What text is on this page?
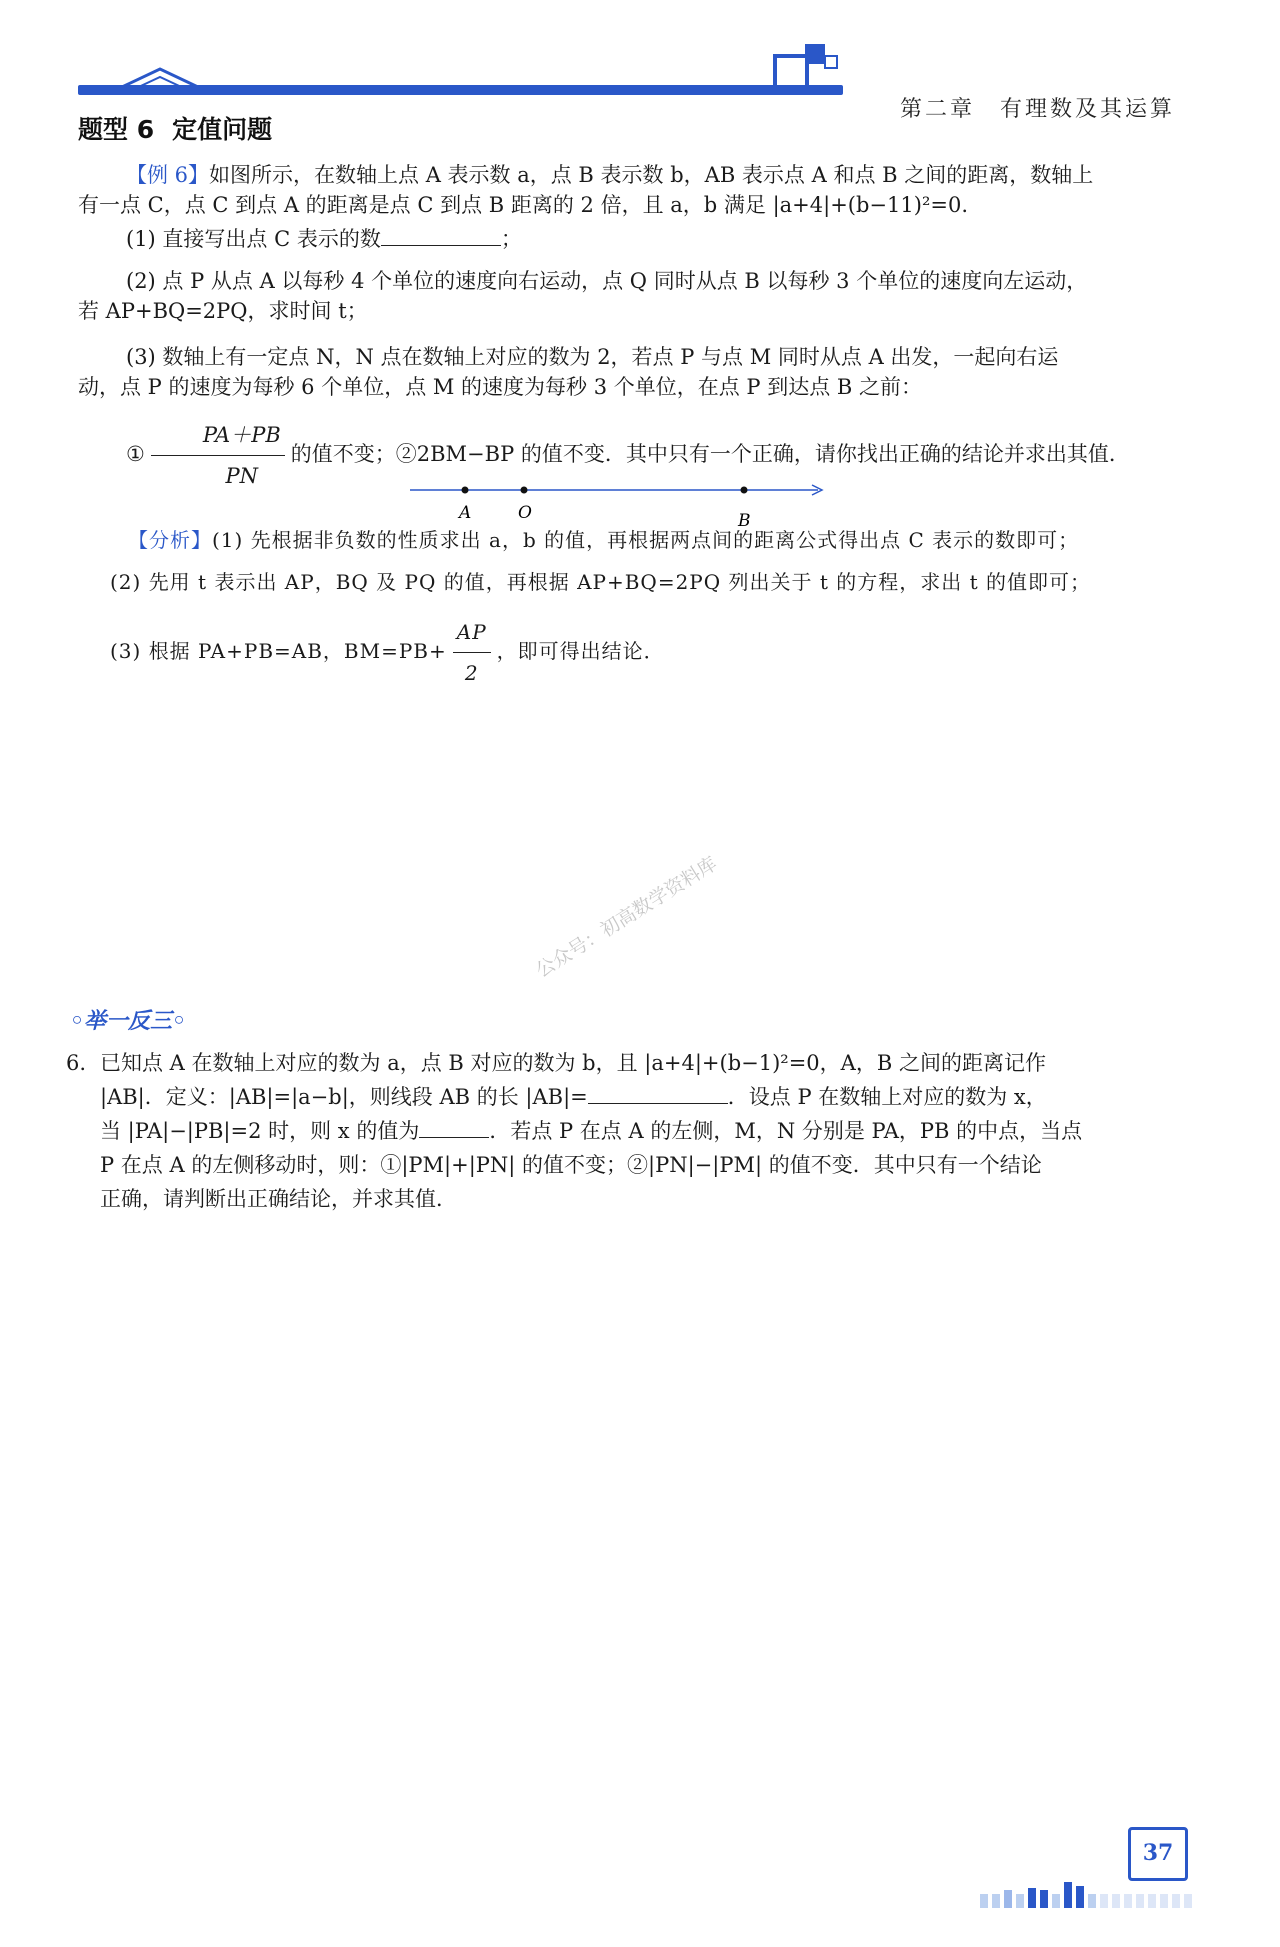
第二章　有理数及其运算
题型 6 定值问题
【例 6】如图所示，在数轴上点 A 表示数 a，点 B 表示数 b，AB 表示点 A 和点 B 之间的距离，数轴上
有一点 C，点 C 到点 A 的距离是点 C 到点 B 距离的 2 倍，且 a，b 满足 |a+4|+(b−11)²=0.
(1) 直接写出点 C 表示的数	；
(2) 点 P 从点 A 以每秒 4 个单位的速度向右运动，点 Q 同时从点 B 以每秒 3 个单位的速度向左运动，
若 AP+BQ=2PQ，求时间 t；
(3) 数轴上有一定点 N，N 点在数轴上对应的数为 2，若点 P 与点 M 同时从点 A 出发，一起向右运
动，点 P 的速度为每秒 6 个单位，点 M 的速度为每秒 3 个单位，在点 P 到达点 B 之前：
① $\frac{PA+PB}{PN}$ 的值不变；②2BM−BP 的值不变．其中只有一个正确，请你找出正确的结论并求出其值．
A	O	B
【分析】(1) 先根据非负数的性质求出 a，b 的值，再根据两点间的距离公式得出点 C 表示的数即可；
(2) 先用 t 表示出 AP，BQ 及 PQ 的值，再根据 AP+BQ=2PQ 列出关于 t 的方程，求出 t 的值即可；
(3) 根据 PA+PB=AB，$BM=PB+ \frac{AP}{2}$ ，即可得出结论．
公众号：初高数学资料库
◦举一反三◦
6. 已知点 A 在数轴上对应的数为 a，点 B 对应的数为 b，且 |a+4|+(b−1)²=0，A，B 之间的距离记作
|AB|．定义：|AB|=|a−b|，则线段 AB 的长 |AB|=	．设点 P 在数轴上对应的数为 x，
当 |PA|−|PB|=2 时，则 x 的值为	．若点 P 在点 A 的左侧，M，N 分别是 PA，PB 的中点，当点
P 在点 A 的左侧移动时，则：①|PM|+|PN| 的值不变；②|PN|−|PM| 的值不变．其中只有一个结论
正确，请判断出正确结论，并求其值．
37
